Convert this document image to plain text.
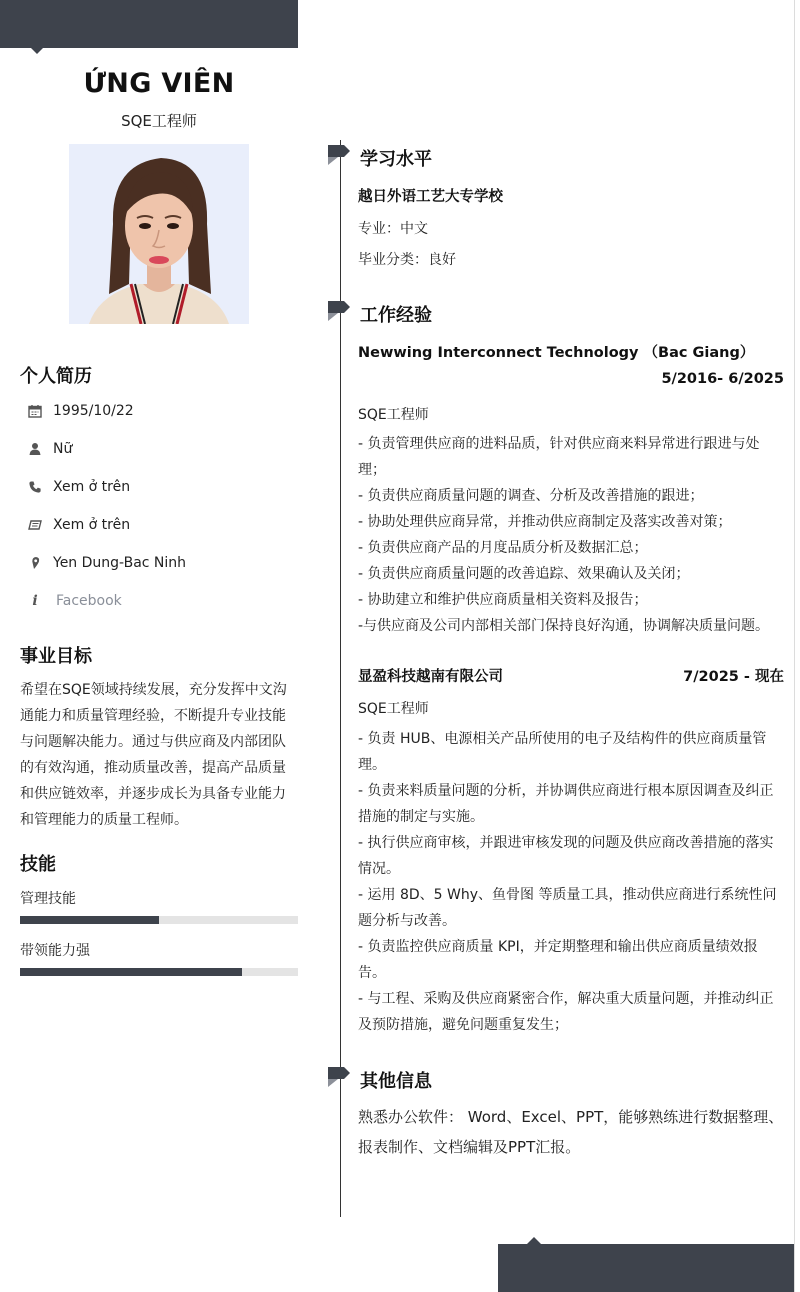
ỨNG VIÊN
SQE工程师
个人简历
1995/10/22
Nữ
Xem ở trên
Xem ở trên
Yen Dung-Bac Ninh
i	Facebook
事业目标
希望在SQE领域持续发展，充分发挥中文沟通能力和质量管理经验，不断提升专业技能与问题解决能力。通过与供应商及内部团队的有效沟通，推动质量改善，提高产品质量和供应链效率，并逐步成长为具备专业能力和管理能力的质量工程师。
技能
管理技能
带领能力强
学习水平
越日外语工艺大专学校
专业：中文
毕业分类：良好
工作经验
Newwing Interconnect Technology （Bac Giang）
5/2016- 6/2025
SQE工程师

- 负责管理供应商的进料品质，针对供应商来料异常进行跟进与处理；

- 负责供应商质量问题的调查、分析及改善措施的跟进；

- 协助处理供应商异常，并推动供应商制定及落实改善对策；

- 负责供应商产品的月度品质分析及数据汇总；

- 负责供应商质量问题的改善追踪、效果确认及关闭；

- 协助建立和维护供应商质量相关资料及报告；

-与供应商及公司内部相关部门保持良好沟通，协调解决质量问题。

显盈科技越南有限公司	7/2025 - 现在
SQE工程师

- 负责 HUB、电源相关产品所使用的电子及结构件的供应商质量管理。

- 负责来料质量问题的分析，并协调供应商进行根本原因调查及纠正措施的制定与实施。

- 执行供应商审核，并跟进审核发现的问题及供应商改善措施的落实情况。

- 运用 8D、5 Why、鱼骨图 等质量工具，推动供应商进行系统性问题分析与改善。

- 负责监控供应商质量 KPI，并定期整理和输出供应商质量绩效报告。

- 与工程、采购及供应商紧密合作，解决重大质量问题，并推动纠正及预防措施，避免问题重复发生；

其他信息
熟悉办公软件： Word、Excel、PPT，能够熟练进行数据整理、报表制作、文档编辑及PPT汇报。
